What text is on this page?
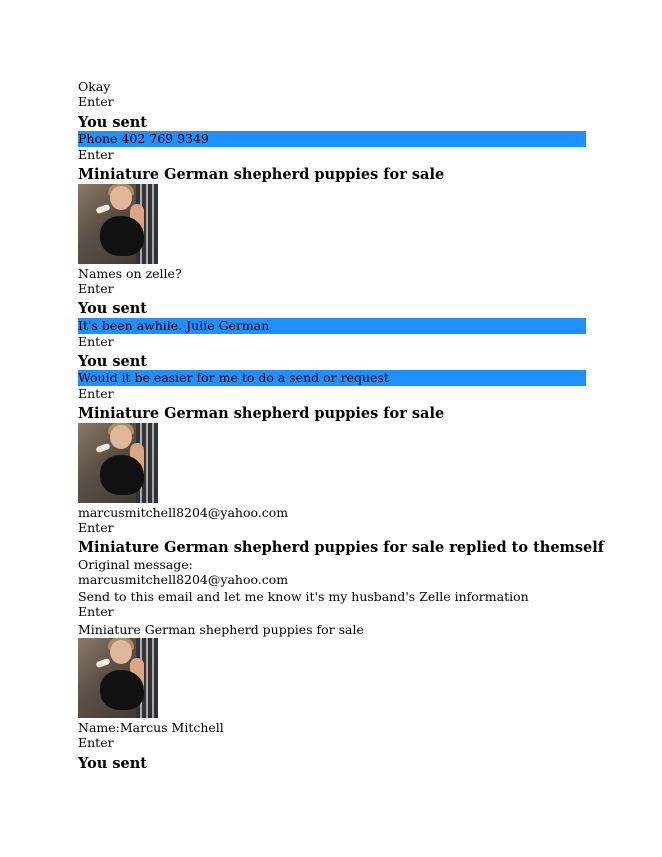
Okay
Enter
You sent
Phone 402 769 9349
Enter
Miniature German shepherd puppies for sale
Names on zelle?
Enter
You sent
It's been awhile. Julie German
Enter
You sent
Would it be easier for me to do a send or request
Enter
Miniature German shepherd puppies for sale
marcusmitchell8204@yahoo.com
Enter
Miniature German shepherd puppies for sale replied to themself
Original message:
marcusmitchell8204@yahoo.com
Send to this email and let me know it's my husband's Zelle information
Enter
Miniature German shepherd puppies for sale
Name:Marcus Mitchell
Enter
You sent
